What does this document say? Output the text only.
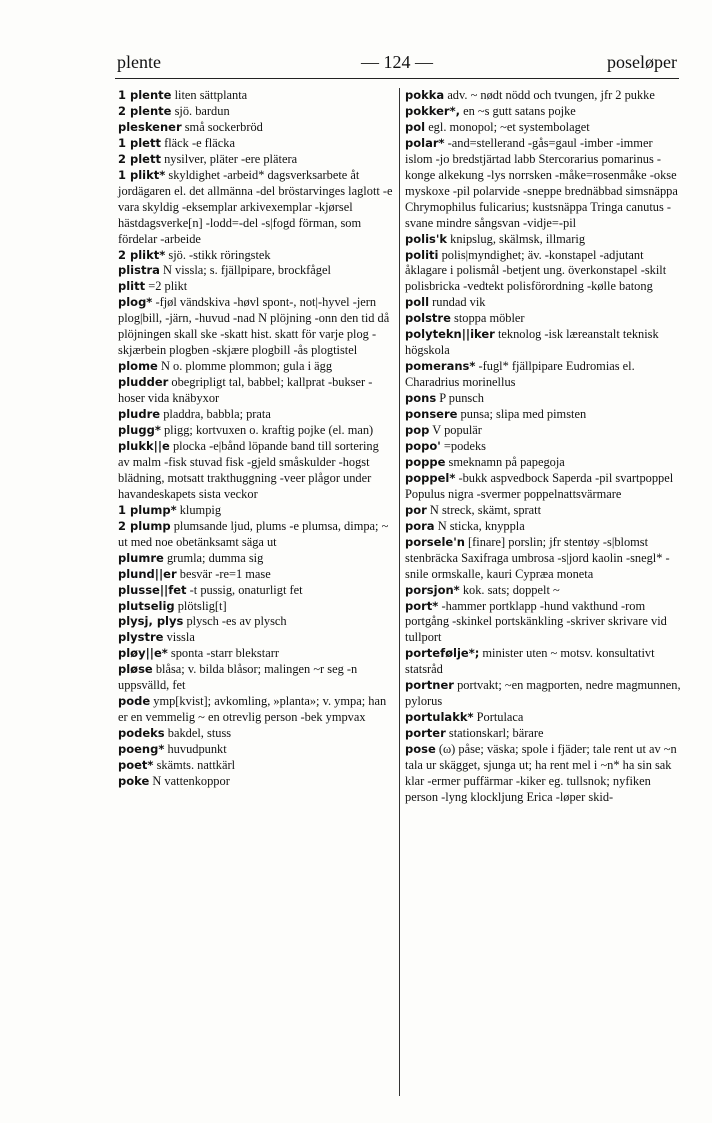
plente	— 124 —	poseløper

1 plente liten sättplanta

2 plente sjö. bardun

pleskener små sockerbröd

1 plett fläck -e fläcka

2 plett nysilver, pläter -ere plätera

1 plikt* skyldighet -arbeid* dagsverksarbete åt jordägaren el. det allmänna -del bröstarvinges laglott -e vara skyldig -eksemplar arkivexemplar -kjørsel hästdagsverke[n] -lodd=-del -s|fogd förman, som fördelar -arbeide

2 plikt* sjö. -stikk röringstek

plistra N vissla; s. fjällpipare, brockfågel

plitt =2 plikt

plog* -fjøl vändskiva -høvl spont-, not|-hyvel -jern plog|bill, -järn, -huvud -nad N plöjning -onn den tid då plöjningen skall ske -skatt hist. skatt för varje plog -skjærbein plogben -skjære plogbill -ås plogtistel

plome N o. plomme plommon; gula i ägg

pludder obegripligt tal, babbel; kallprat -bukser -hoser vida knäbyxor

pludre pladdra, babbla; prata

plugg* pligg; kortvuxen o. kraftig pojke (el. man)

plukk||e plocka -e|bånd löpande band till sortering av malm -fisk stuvad fisk -gjeld småskulder -hogst blädning, motsatt trakthuggning -veer plågor under havandeskapets sista veckor

1 plump* klumpig

2 plump plumsande ljud, plums -e plumsa, dimpa; ~ ut med noe obetänksamt säga ut

plumre grumla; dumma sig

plund||er besvär -re=1 mase

plusse||fet -t pussig, onaturligt fet

plutselig plötslig[t]

plysj, plys plysch -es av plysch

plystre vissla

pløy||e* sponta -starr blekstarr

pløse blåsa; v. bilda blåsor; malingen ~r seg -n uppsvälld, fet

pode ymp[kvist]; avkomling, »planta»; v. ympa; han er en vemmelig ~ en otrevlig person -bek ympvax

podeks bakdel, stuss

poeng* huvudpunkt

poet* skämts. nattkärl

poke N vattenkoppor

pokka adv. ~ nødt nödd och tvungen, jfr 2 pukke

pokker*, en ~s gutt satans pojke

pol egl. monopol; ~et systembolaget

polar* -and=stellerand -gås=gaul -imber -immer islom -jo bredstjärtad labb Stercorarius pomarinus -konge alkekung -lys norrsken -måke=rosenmåke -okse myskoxe -pil polarvide -sneppe brednäbbad simsnäppa Chrymophilus fulicarius; kustsnäppa Tringa canutus -svane mindre sångsvan -vidje=-pil

polis'k knipslug, skälmsk, illmarig

politi polis|myndighet; äv. -konstapel -adjutant åklagare i polismål -betjent ung. överkonstapel -skilt polisbricka -vedtekt polisförordning -kølle batong

poll rundad vik

polstre stoppa möbler

polytekn||iker teknolog -isk læreanstalt teknisk högskola

pomerans* -fugl* fjällpipare Eudromias el. Charadrius morinellus

pons P punsch

ponsere punsa; slipa med pimsten

pop V populär

popo' =podeks

poppe smeknamn på papegoja

poppel* -bukk aspvedbock Saperda -pil svartpoppel Populus nigra -svermer poppelnattsvärmare

por N streck, skämt, spratt

pora N sticka, knyppla

porsele'n [finare] porslin; jfr stentøy -s|blomst stenbräcka Saxifraga umbrosa -s|jord kaolin -snegl* -snile ormskalle, kauri Cypræa moneta

porsjon* kok. sats; doppelt ~

port* -hammer portklapp -hund vakthund -rom portgång -skinkel portskänkling -skriver skrivare vid tullport

portefølje*; minister uten ~ motsv. konsultativt statsråd

portner portvakt; ~en magporten, nedre magmunnen, pylorus

portulakk* Portulaca

porter stationskarl; bärare

pose (ω) påse; väska; spole i fjäder; tale rent ut av ~n tala ur skägget, sjunga ut; ha rent mel i ~n* ha sin sak klar -ermer puffärmar -kiker eg. tullsnok; nyfiken person -lyng klockljung Erica -løper skid-
